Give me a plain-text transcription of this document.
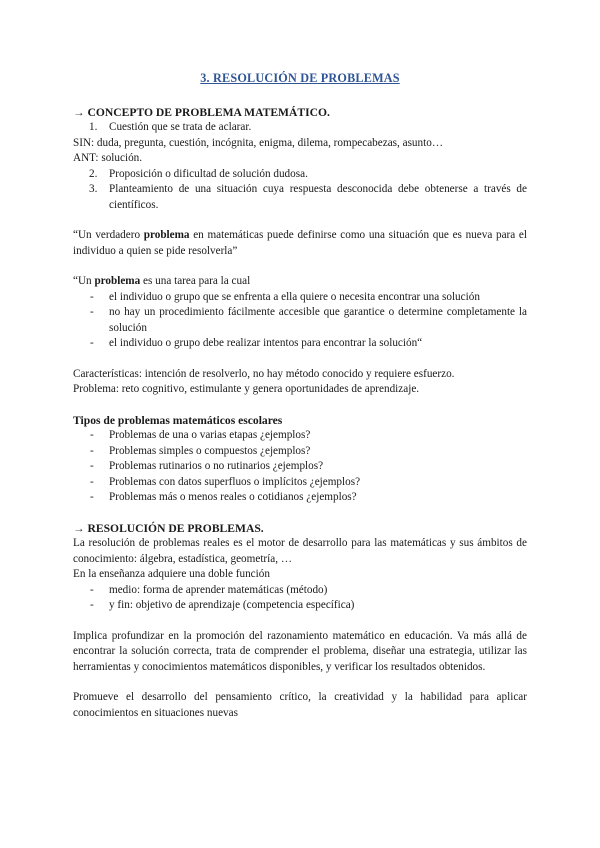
3. RESOLUCIÓN DE PROBLEMAS
→ CONCEPTO DE PROBLEMA MATEMÁTICO.
1. Cuestión que se trata de aclarar.

SIN: duda, pregunta, cuestión, incógnita, enigma, dilema, rompecabezas, asunto…

ANT: solución.

2. Proposición o dificultad de solución dudosa.
3. Planteamiento de una situación cuya respuesta desconocida debe obtenerse a través de científicos.

“Un verdadero problema en matemáticas puede definirse como una situación que es nueva para el individuo a quien se pide resolverla”

“Un problema es una tarea para la cual

- el individuo o grupo que se enfrenta a ella quiere o necesita encontrar una solución
- no hay un procedimiento fácilmente accesible que garantice o determine completamente la solución
- el individuo o grupo debe realizar intentos para encontrar la solución“

Características: intención de resolverlo, no hay método conocido y requiere esfuerzo.

Problema: reto cognitivo, estimulante y genera oportunidades de aprendizaje.

Tipos de problemas matemáticos escolares
- Problemas de una o varias etapas ¿ejemplos?
- Problemas simples o compuestos ¿ejemplos?
- Problemas rutinarios o no rutinarios ¿ejemplos?
- Problemas con datos superfluos o implícitos ¿ejemplos?
- Problemas más o menos reales o cotidianos ¿ejemplos?
→ RESOLUCIÓN DE PROBLEMAS.

La resolución de problemas reales es el motor de desarrollo para las matemáticas y sus ámbitos de conocimiento: álgebra, estadística, geometría, …

En la enseñanza adquiere una doble función

- medio: forma de aprender matemáticas (método)
- y fin: objetivo de aprendizaje (competencia específica)

Implica profundizar en la promoción del razonamiento matemático en educación. Va más allá de encontrar la solución correcta, trata de comprender el problema, diseñar una estrategia, utilizar las herramientas y conocimientos matemáticos disponibles, y verificar los resultados obtenidos.

Promueve el desarrollo del pensamiento crítico, la creatividad y la habilidad para aplicar conocimientos en situaciones nuevas
